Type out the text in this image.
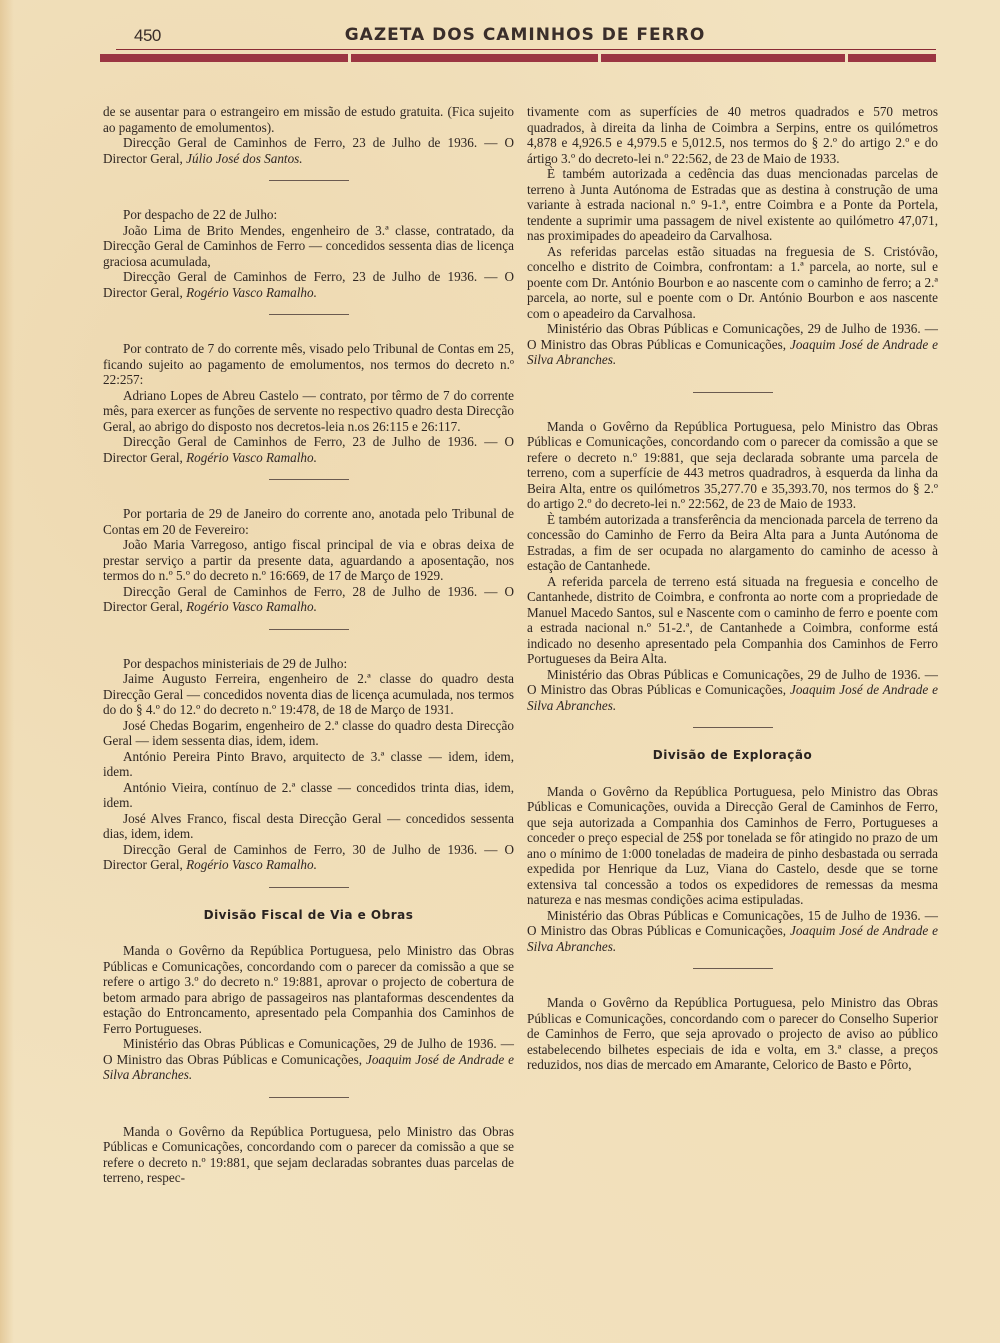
450	GAZETA DOS CAMINHOS DE FERRO

de se ausentar para o estrangeiro em missão de estudo gratuita. (Fica sujeito ao pagamento de emolumentos).

Direcção Geral de Caminhos de Ferro, 23 de Julho de 1936. — O Director Geral, Júlio José dos Santos.

Por despacho de 22 de Julho:

João Lima de Brito Mendes, engenheiro de 3.ª classe, contratado, da Direcção Geral de Caminhos de Ferro — concedidos sessenta dias de licença graciosa acumulada,

Direcção Geral de Caminhos de Ferro, 23 de Julho de 1936. — O Director Geral, Rogério Vasco Ramalho.

Por contrato de 7 do corrente mês, visado pelo Tribunal de Contas em 25, ficando sujeito ao pagamento de emolumentos, nos termos do decreto n.º 22:257:

Adriano Lopes de Abreu Castelo — contrato, por têrmo de 7 do corrente mês, para exercer as funções de servente no respectivo quadro desta Direcção Geral, ao abrigo do disposto nos decretos-leia n.os 26:115 e 26:117.

Direcção Geral de Caminhos de Ferro, 23 de Julho de 1936. — O Director Geral, Rogério Vasco Ramalho.

Por portaria de 29 de Janeiro do corrente ano, anotada pelo Tribunal de Contas em 20 de Fevereiro:

João Maria Varregoso, antigo fiscal principal de via e obras deixa de prestar serviço a partir da presente data, aguardando a aposentação, nos termos do n.º 5.º do decreto n.º 16:669, de 17 de Março de 1929.

Direcção Geral de Caminhos de Ferro, 28 de Julho de 1936. — O Director Geral, Rogério Vasco Ramalho.

Por despachos ministeriais de 29 de Julho:

Jaime Augusto Ferreira, engenheiro de 2.ª classe do quadro desta Direcção Geral — concedidos noventa dias de licença acumulada, nos termos do do § 4.º do 12.º do decreto n.º 19:478, de 18 de Março de 1931.

José Chedas Bogarim, engenheiro de 2.ª classe do quadro desta Direcção Geral — idem sessenta dias, idem, idem.

António Pereira Pinto Bravo, arquitecto de 3.ª classe — idem, idem, idem.

António Vieira, contínuo de 2.ª classe — concedidos trinta dias, idem, idem.

José Alves Franco, fiscal desta Direcção Geral — concedidos sessenta dias, idem, idem.

Direcção Geral de Caminhos de Ferro, 30 de Julho de 1936. — O Director Geral, Rogério Vasco Ramalho.

Divisão Fiscal de Via e Obras

Manda o Govêrno da República Portuguesa, pelo Ministro das Obras Públicas e Comunicações, concordando com o parecer da comissão a que se refere o artigo 3.º do decreto n.º 19:881, aprovar o projecto de cobertura de betom armado para abrigo de passageiros nas plantaformas descendentes da estação do Entroncamento, apresentado pela Companhia dos Caminhos de Ferro Portugueses.

Ministério das Obras Públicas e Comunicações, 29 de Julho de 1936. — O Ministro das Obras Públicas e Comunicações, Joaquim José de Andrade e Silva Abranches.

Manda o Govêrno da República Portuguesa, pelo Ministro das Obras Públicas e Comunicações, concordando com o parecer da comissão a que se refere o decreto n.º 19:881, que sejam declaradas sobrantes duas parcelas de terreno, respec-

tivamente com as superfícies de 40 metros quadrados e 570 metros quadrados, à direita da linha de Coimbra a Serpins, entre os quilómetros 4,878 e 4,926.5 e 4,979.5 e 5,012.5, nos termos do § 2.º do artigo 2.º e do ártigo 3.º do decreto-lei n.º 22:562, de 23 de Maio de 1933.

È também autorizada a cedência das duas mencionadas parcelas de terreno à Junta Autónoma de Estradas que as destina à construção de uma variante à estrada nacional n.º 9-1.ª, entre Coimbra e a Ponte da Portela, tendente a suprimir uma passagem de nivel existente ao quilómetro 47,071, nas proximipades do apeadeiro da Carvalhosa.

As referidas parcelas estão situadas na freguesia de S. Cristóvão, concelho e distrito de Coimbra, confrontam: a 1.ª parcela, ao norte, sul e poente com Dr. António Bourbon e ao nascente com o caminho de ferro; a 2.ª parcela, ao norte, sul e poente com o Dr. António Bourbon e aos nascente com o apeadeiro da Carvalhosa.

Ministério das Obras Públicas e Comunicações, 29 de Julho de 1936. — O Ministro das Obras Públicas e Comunicações, Joaquim José de Andrade e Silva Abranches.

Manda o Govêrno da República Portuguesa, pelo Ministro das Obras Públicas e Comunicações, concordando com o parecer da comissão a que se refere o decreto n.º 19:881, que seja declarada sobrante uma parcela de terreno, com a superfície de 443 metros quadradros, à esquerda da linha da Beira Alta, entre os quilómetros 35,277.70 e 35,393.70, nos termos do § 2.º do artigo 2.º do decreto-lei n.º 22:562, de 23 de Maio de 1933.

È também autorizada a transferência da mencionada parcela de terreno da concessão do Caminho de Ferro da Beira Alta para a Junta Autónoma de Estradas, a fim de ser ocupada no alargamento do caminho de acesso à estação de Cantanhede.

A referida parcela de terreno está situada na freguesia e concelho de Cantanhede, distrito de Coimbra, e confronta ao norte com a propriedade de Manuel Macedo Santos, sul e Nascente com o caminho de ferro e poente com a estrada nacional n.º 51-2.ª, de Cantanhede a Coimbra, conforme está indicado no desenho apresentado pela Companhia dos Caminhos de Ferro Portugueses da Beira Alta.

Ministério das Obras Públicas e Comunicações, 29 de Julho de 1936. — O Ministro das Obras Públicas e Comunicações, Joaquim José de Andrade e Silva Abranches.

Divisão de Exploração

Manda o Govêrno da República Portuguesa, pelo Ministro das Obras Públicas e Comunicações, ouvida a Direcção Geral de Caminhos de Ferro, que seja autorizada a Companhia dos Caminhos de Ferro, Portugueses a conceder o preço especial de 25$ por tonelada se fôr atingido no prazo de um ano o mínimo de 1:000 toneladas de madeira de pinho desbastada ou serrada expedida por Henrique da Luz, Viana do Castelo, desde que se torne extensiva tal concessão a todos os expedidores de remessas da mesma natureza e nas mesmas condições acima estipuladas.

Ministério das Obras Públicas e Comunicações, 15 de Julho de 1936. — O Ministro das Obras Públicas e Comunicações, Joaquim José de Andrade e Silva Abranches.

Manda o Govêrno da República Portuguesa, pelo Ministro das Obras Públicas e Comunicações, concordando com o parecer do Conselho Superior de Caminhos de Ferro, que seja aprovado o projecto de aviso ao público estabelecendo bilhetes especiais de ida e volta, em 3.ª classe, a preços reduzidos, nos dias de mercado em Amarante, Celorico de Basto e Pôrto,
